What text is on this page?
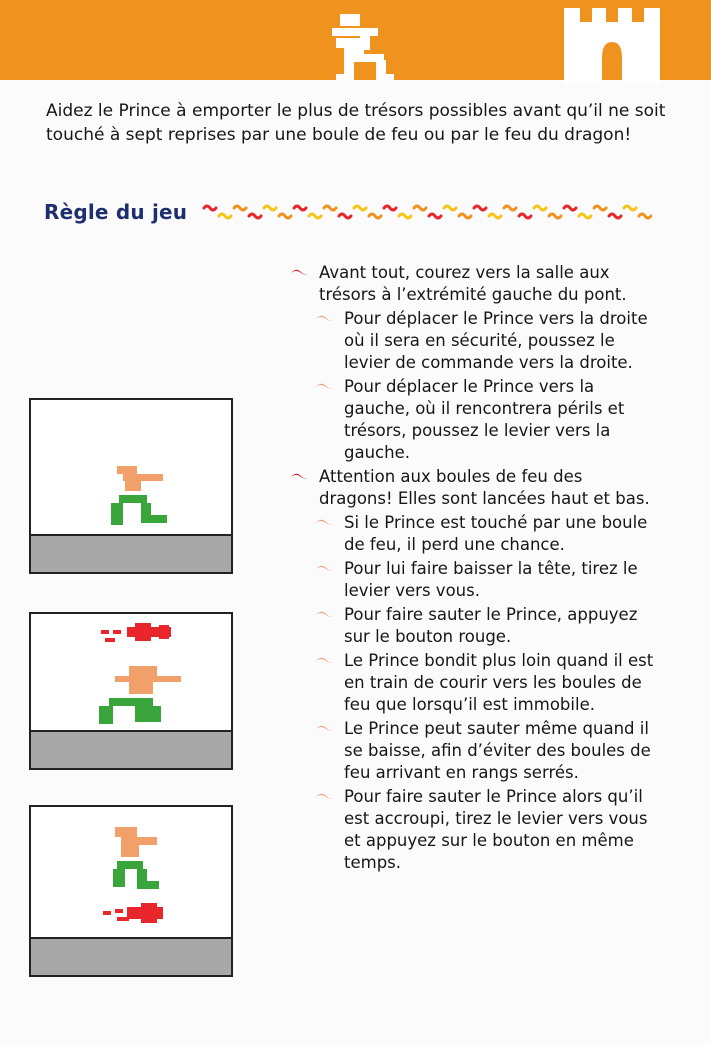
Aidez le Prince à emporter le plus de trésors possibles avant qu’il ne soit touché à sept reprises par une boule de feu ou par le feu du dragon!

Règle du jeu
Avant tout, courez vers la salle aux trésors à l’extrémité gauche du pont.
Pour déplacer le Prince vers la droite où il sera en sécurité, poussez le levier de commande vers la droite.
Pour déplacer le Prince vers la gauche, où il rencontrera périls et trésors, poussez le levier vers la gauche.
Attention aux boules de feu des dragons! Elles sont lancées haut et bas.
Si le Prince est touché par une boule de feu, il perd une chance.
Pour lui faire baisser la tête, tirez le levier vers vous.
Pour faire sauter le Prince, appuyez sur le bouton rouge.
Le Prince bondit plus loin quand il est en train de courir vers les boules de feu que lorsqu’il est immobile.
Le Prince peut sauter même quand il se baisse, afin d’éviter des boules de feu arrivant en rangs serrés.
Pour faire sauter le Prince alors qu’il est accroupi, tirez le levier vers vous et appuyez sur le bouton en même temps.
